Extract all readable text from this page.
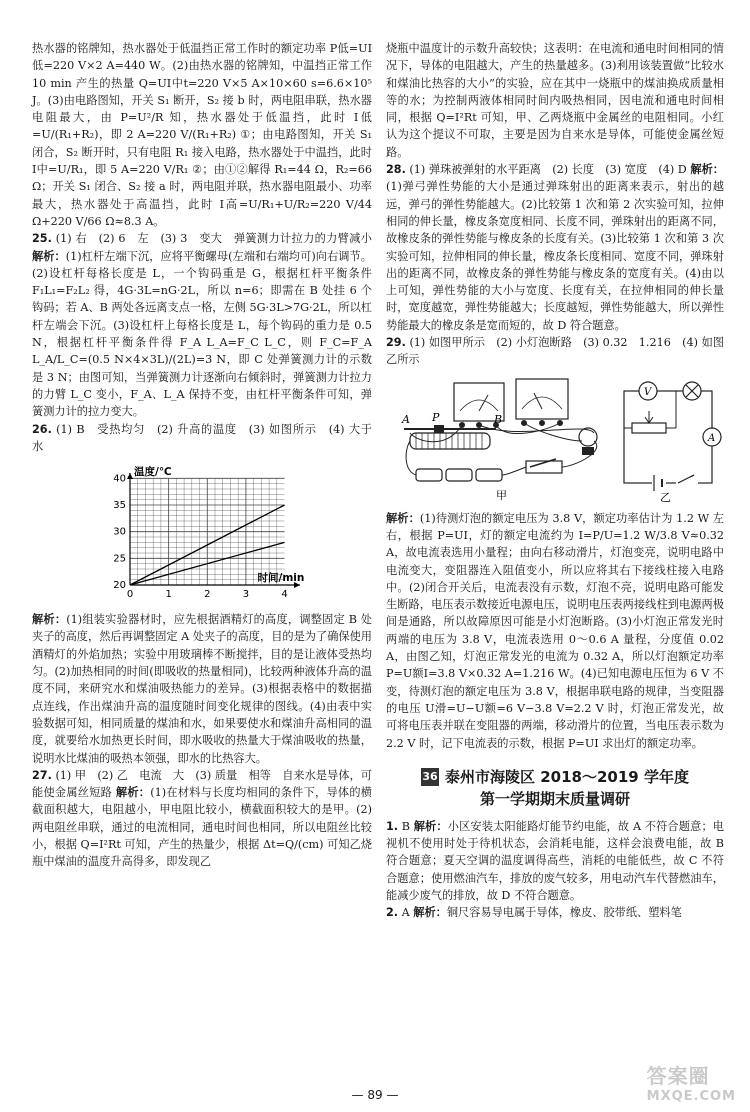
热水器的铭牌知，热水器处于低温挡正常工作时的额定功率 P低=UI低=220 V×2 A=440 W。(2)由热水器的铭牌知，中温挡正常工作 10 min 产生的热量 Q=UI中t=220 V×5 A×10×60 s=6.6×10⁵ J。(3)由电路图知，开关 S₁ 断开，S₂ 接 b 时，两电阻串联，热水器电阻最大，由 P=U²/R 知，热水器处于低温挡，此时 I低=U/(R₁+R₂)，即 2 A=220 V/(R₁+R₂) ①；由电路图知，开关 S₁ 闭合，S₂ 断开时，只有电阻 R₁ 接入电路，热水器处于中温挡，此时 I中=U/R₁，即 5 A=220 V/R₁ ②；由①②解得 R₁=44 Ω，R₂=66 Ω；开关 S₁ 闭合、S₂ 接 a 时，两电阻并联，热水器电阻最小、功率最大，热水器处于高温挡，此时 I高=U/R₁+U/R₂=220 V/44 Ω+220 V/66 Ω≈8.3 A。

25. (1) 右　(2) 6　左　(3) 3　变大　弹簧测力计拉力的力臂减小 解析：(1)杠杆左端下沉，应将平衡螺母(左端和右端均可)向右调节。(2)设杠杆每格长度是 L，一个钩码重是 G，根据杠杆平衡条件 F₁L₁=F₂L₂ 得，4G·3L=nG·2L，所以 n=6；即需在 B 处挂 6 个钩码；若 A、B 两处各远离支点一格，左侧 5G·3L>7G·2L，所以杠杆左端会下沉。(3)设杠杆上每格长度是 L，每个钩码的重力是 0.5 N，根据杠杆平衡条件得 F_A L_A=F_C L_C，则 F_C=F_A L_A/L_C=(0.5 N×4×3L)/(2L)=3 N，即 C 处弹簧测力计的示数是 3 N；由图可知，当弹簧测力计逐渐向右倾斜时，弹簧测力计拉力的力臂 L_C 变小，F_A、L_A 保持不变，由杠杆平衡条件可知，弹簧测力计的拉力变大。

26. (1) B　受热均匀　(2) 升高的温度　(3) 如图所示　(4) 大于　水

0	1	2	3	4
20
25
30
35
40
温度/℃
时间/min

解析：(1)组装实验器材时，应先根据酒精灯的高度，调整固定 B 处夹子的高度，然后再调整固定 A 处夹子的高度，目的是为了确保使用酒精灯的外焰加热；实验中用玻璃棒不断搅拌，目的是让液体受热均匀。(2)加热相同的时间(即吸收的热量相同)，比较两种液体升高的温度不同，来研究水和煤油吸热能力的差异。(3)根据表格中的数据描点连线，作出煤油升高的温度随时间变化规律的图线。(4)由表中实验数据可知，相同质量的煤油和水，如果要使水和煤油升高相同的温度，就要给水加热更长时间，即水吸收的热量大于煤油吸收的热量，说明水比煤油的吸热本领强，即水的比热容大。

27. (1) 甲　(2) 乙　电流　大　(3) 质量　相等　自来水是导体，可能使金属丝短路 解析：(1)在材料与长度均相同的条件下，导体的横截面积越大，电阻越小，甲电阻比较小，横截面积较大的是甲。(2)两电阻丝串联，通过的电流相同，通电时间也相同，所以电阻丝比较小，根据 Q=I²Rt 可知，产生的热量少，根据 Δt=Q/(cm) 可知乙烧瓶中煤油的温度升高得多，即发现乙

烧瓶中温度计的示数升高较快；这表明：在电流和通电时间相同的情况下，导体的电阻越大，产生的热量越多。(3)利用该装置做“比较水和煤油比热容的大小”的实验，应在其中一烧瓶中的煤油换成质量相等的水；为控制两液体相同时间内吸热相同，因电流和通电时间相同，根据 Q=I²Rt 可知，甲、乙两烧瓶中金属丝的电阻相同。小红认为这个提议不可取，主要是因为自来水是导体，可能使金属丝短路。

28. (1) 弹珠被弹射的水平距离　(2) 长度　(3) 宽度　(4) D 解析：(1)弹弓弹性势能的大小是通过弹珠射出的距离来表示，射出的越远，弹弓的弹性势能越大。(2)比较第 1 次和第 2 次实验可知，拉伸相同的伸长量，橡皮条宽度相同、长度不同，弹珠射出的距离不同，故橡皮条的弹性势能与橡皮条的长度有关。(3)比较第 1 次和第 3 次实验可知，拉伸相同的伸长量，橡皮条长度相同、宽度不同，弹珠射出的距离不同，故橡皮条的弹性势能与橡皮条的宽度有关。(4)由以上可知，弹性势能的大小与宽度、长度有关，在拉伸相同的伸长量时，宽度越宽，弹性势能越大；长度越短，弹性势能越大，所以弹性势能最大的橡皮条是宽而短的，故 D 符合题意。

29. (1) 如图甲所示　(2) 小灯泡断路　(3) 0.32　1.216　(4) 如图乙所示

A P	B
甲
V
A
乙

解析：(1)待测灯泡的额定电压为 3.8 V，额定功率估计为 1.2 W 左右，根据 P=UI，灯的额定电流约为 I=P/U=1.2 W/3.8 V≈0.32 A，故电流表选用小量程；由向右移动滑片，灯泡变亮，说明电路中电流变大，变阻器连入阻值变小，所以应将其右下接线柱接入电路中。(2)闭合开关后，电流表没有示数，灯泡不亮，说明电路可能发生断路，电压表示数接近电源电压，说明电压表两接线柱到电源两极间是通路，所以故障原因可能是小灯泡断路。(3)小灯泡正常发光时两端的电压为 3.8 V，电流表选用 0～0.6 A 量程，分度值 0.02 A，由图乙知，灯泡正常发光的电流为 0.32 A，所以灯泡额定功率 P=U额I=3.8 V×0.32 A=1.216 W。(4)已知电源电压恒为 6 V 不变，待测灯泡的额定电压为 3.8 V，根据串联电路的规律，当变阻器的电压 U滑=U−U额=6 V−3.8 V=2.2 V 时，灯泡正常发光，故可将电压表并联在变阻器的两端，移动滑片的位置，当电压表示数为 2.2 V 时，记下电流表的示数，根据 P=UI 求出灯的额定功率。

36 泰州市海陵区 2018～2019 学年度
第一学期期末质量调研

1. B 解析：小区安装太阳能路灯能节约电能，故 A 不符合题意；电视机不使用时处于待机状态，会消耗电能，这样会浪费电能，故 B 符合题意；夏天空调的温度调得高些，消耗的电能低些，故 C 不符合题意；使用燃油汽车，排放的废气较多，用电动汽车代替燃油车，能减少废气的排放，故 D 不符合题意。

2. A 解析：铜尺容易导电属于导体，橡皮、胶带纸、塑料笔

— 89 —
答案圈
MXQE.COM
